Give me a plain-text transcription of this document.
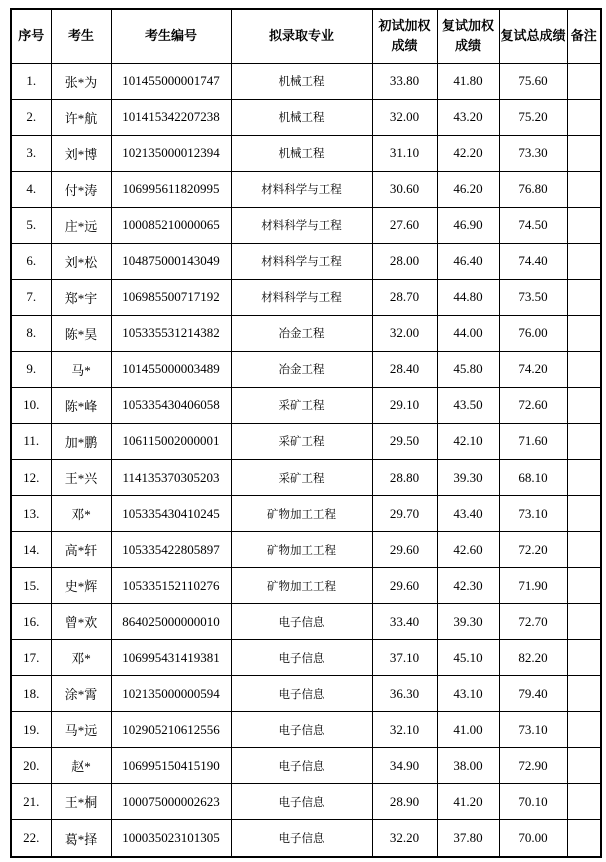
序号	考生	考生编号	拟录取专业	初试加权成绩	复试加权成绩	复试总成绩	备注
1.	张*为	101455000001747	机械工程	33.80	41.80	75.60	
2.	许*航	101415342207238	机械工程	32.00	43.20	75.20	
3.	刘*博	102135000012394	机械工程	31.10	42.20	73.30	
4.	付*涛	106995611820995	材料科学与工程	30.60	46.20	76.80	
5.	庄*远	100085210000065	材料科学与工程	27.60	46.90	74.50	
6.	刘*松	104875000143049	材料科学与工程	28.00	46.40	74.40	
7.	郑*宇	106985500717192	材料科学与工程	28.70	44.80	73.50	
8.	陈*昊	105335531214382	冶金工程	32.00	44.00	76.00	
9.	马*	101455000003489	冶金工程	28.40	45.80	74.20	
10.	陈*峰	105335430406058	采矿工程	29.10	43.50	72.60	
11.	加*鹏	106115002000001	采矿工程	29.50	42.10	71.60	
12.	王*兴	114135370305203	采矿工程	28.80	39.30	68.10	
13.	邓*	105335430410245	矿物加工工程	29.70	43.40	73.10	
14.	高*轩	105335422805897	矿物加工工程	29.60	42.60	72.20	
15.	史*辉	105335152110276	矿物加工工程	29.60	42.30	71.90	
16.	曾*欢	864025000000010	电子信息	33.40	39.30	72.70	
17.	邓*	106995431419381	电子信息	37.10	45.10	82.20	
18.	涂*霄	102135000000594	电子信息	36.30	43.10	79.40	
19.	马*远	102905210612556	电子信息	32.10	41.00	73.10	
20.	赵*	106995150415190	电子信息	34.90	38.00	72.90	
21.	王*桐	100075000002623	电子信息	28.90	41.20	70.10	
22.	葛*择	100035023101305	电子信息	32.20	37.80	70.00	
